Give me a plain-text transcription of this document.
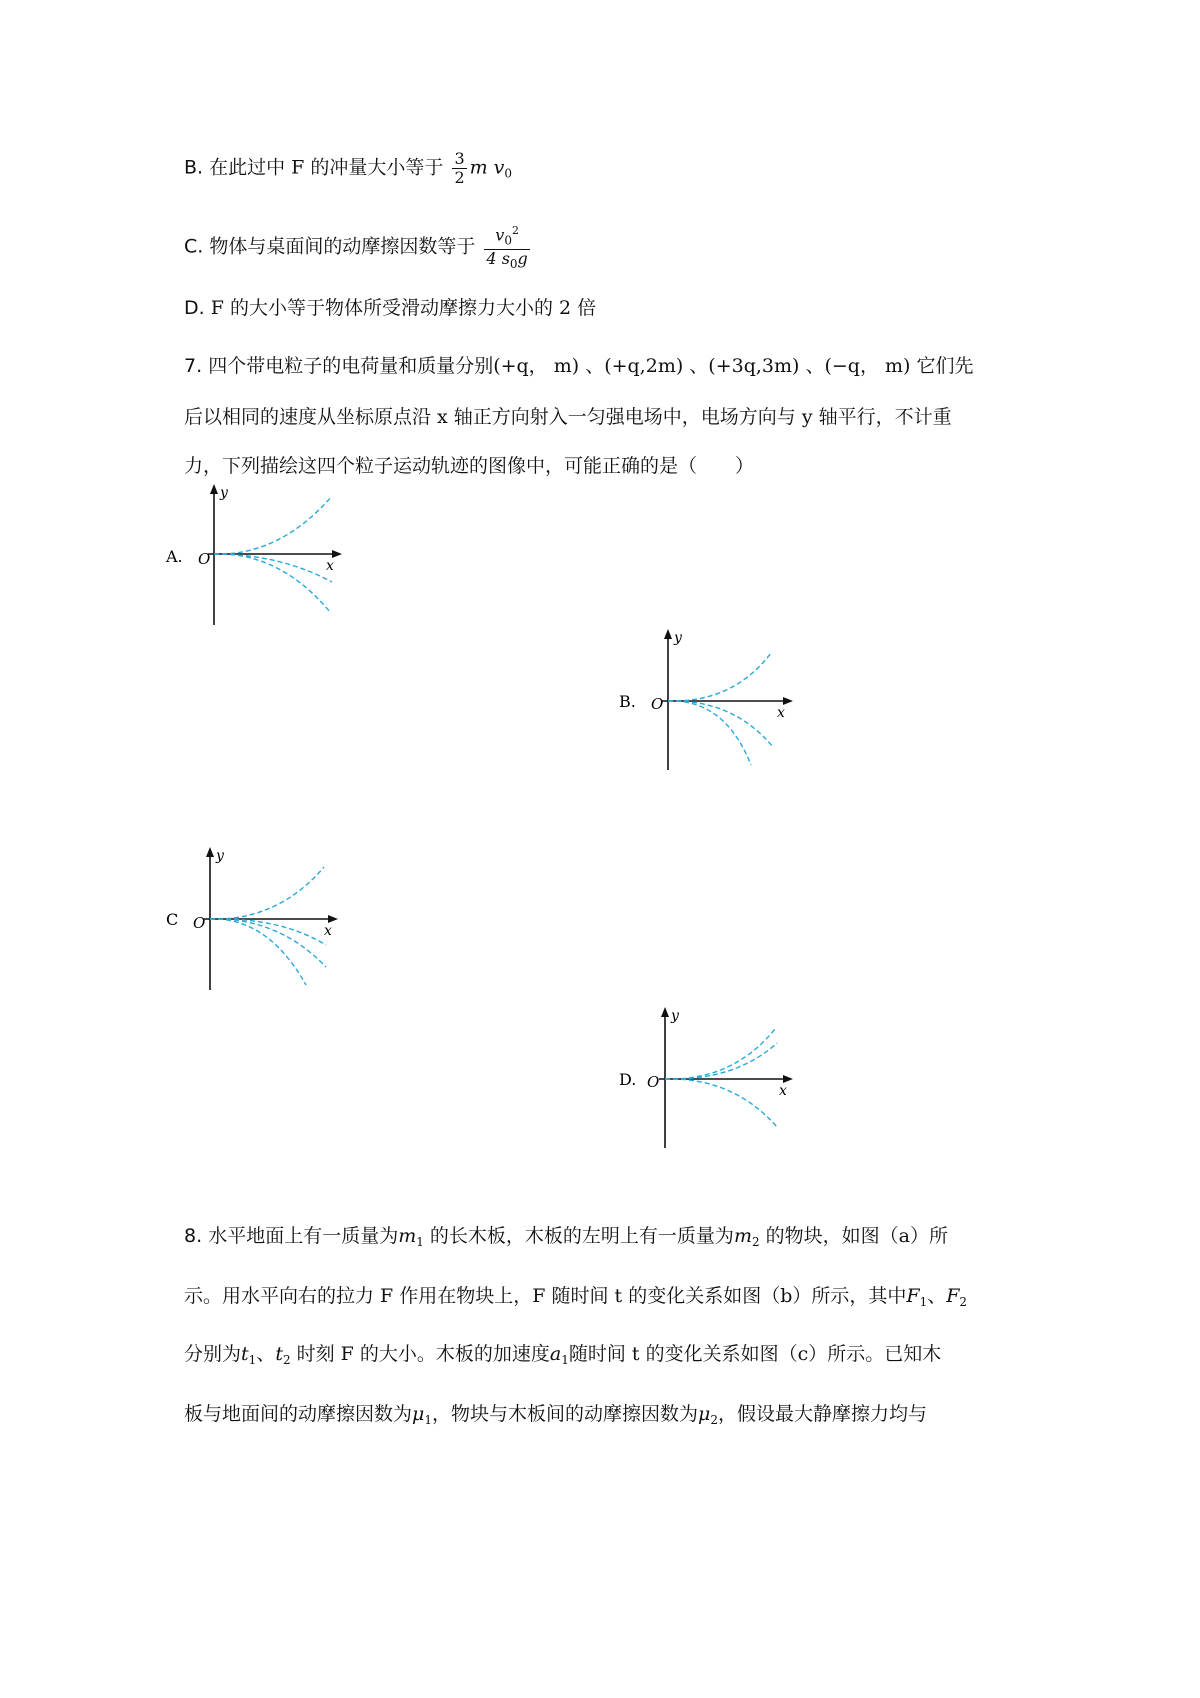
B. 在此过中 F 的冲量大小等于 $\frac{3}{2}$ m $v_0$
C. 物体与桌面间的动摩擦因数等于 $\frac{v_0^2}{4 s_0g}$
D. F 的大小等于物体所受滑动摩擦力大小的 2 倍
7. 四个带电粒子的电荷量和质量分别(+q， m) 、(+q,2m) 、(+3q,3m) 、(−q， m) 它们先
后以相同的速度从坐标原点沿 x 轴正方向射入一匀强电场中，电场方向与 y 轴平行，不计重
力，下列描绘这四个粒子运动轨迹的图像中，可能正确的是（　　）
A. O
y
x
B. O
y
x
C O
y
x
D. O
y
x
8. 水平地面上有一质量为$m_1$ 的长木板，木板的左明上有一质量为$m_2$ 的物块，如图（a）所
示。用水平向右的拉力 F 作用在物块上，F 随时间 t 的变化关系如图（b）所示，其中$F_1$、$F_2$
分别为$t_1$、$t_2$ 时刻 F 的大小。木板的加速度$a_1$随时间 t 的变化关系如图（c）所示。已知木
板与地面间的动摩擦因数为$\mu_1$，物块与木板间的动摩擦因数为$\mu_2$，假设最大静摩擦力均与
